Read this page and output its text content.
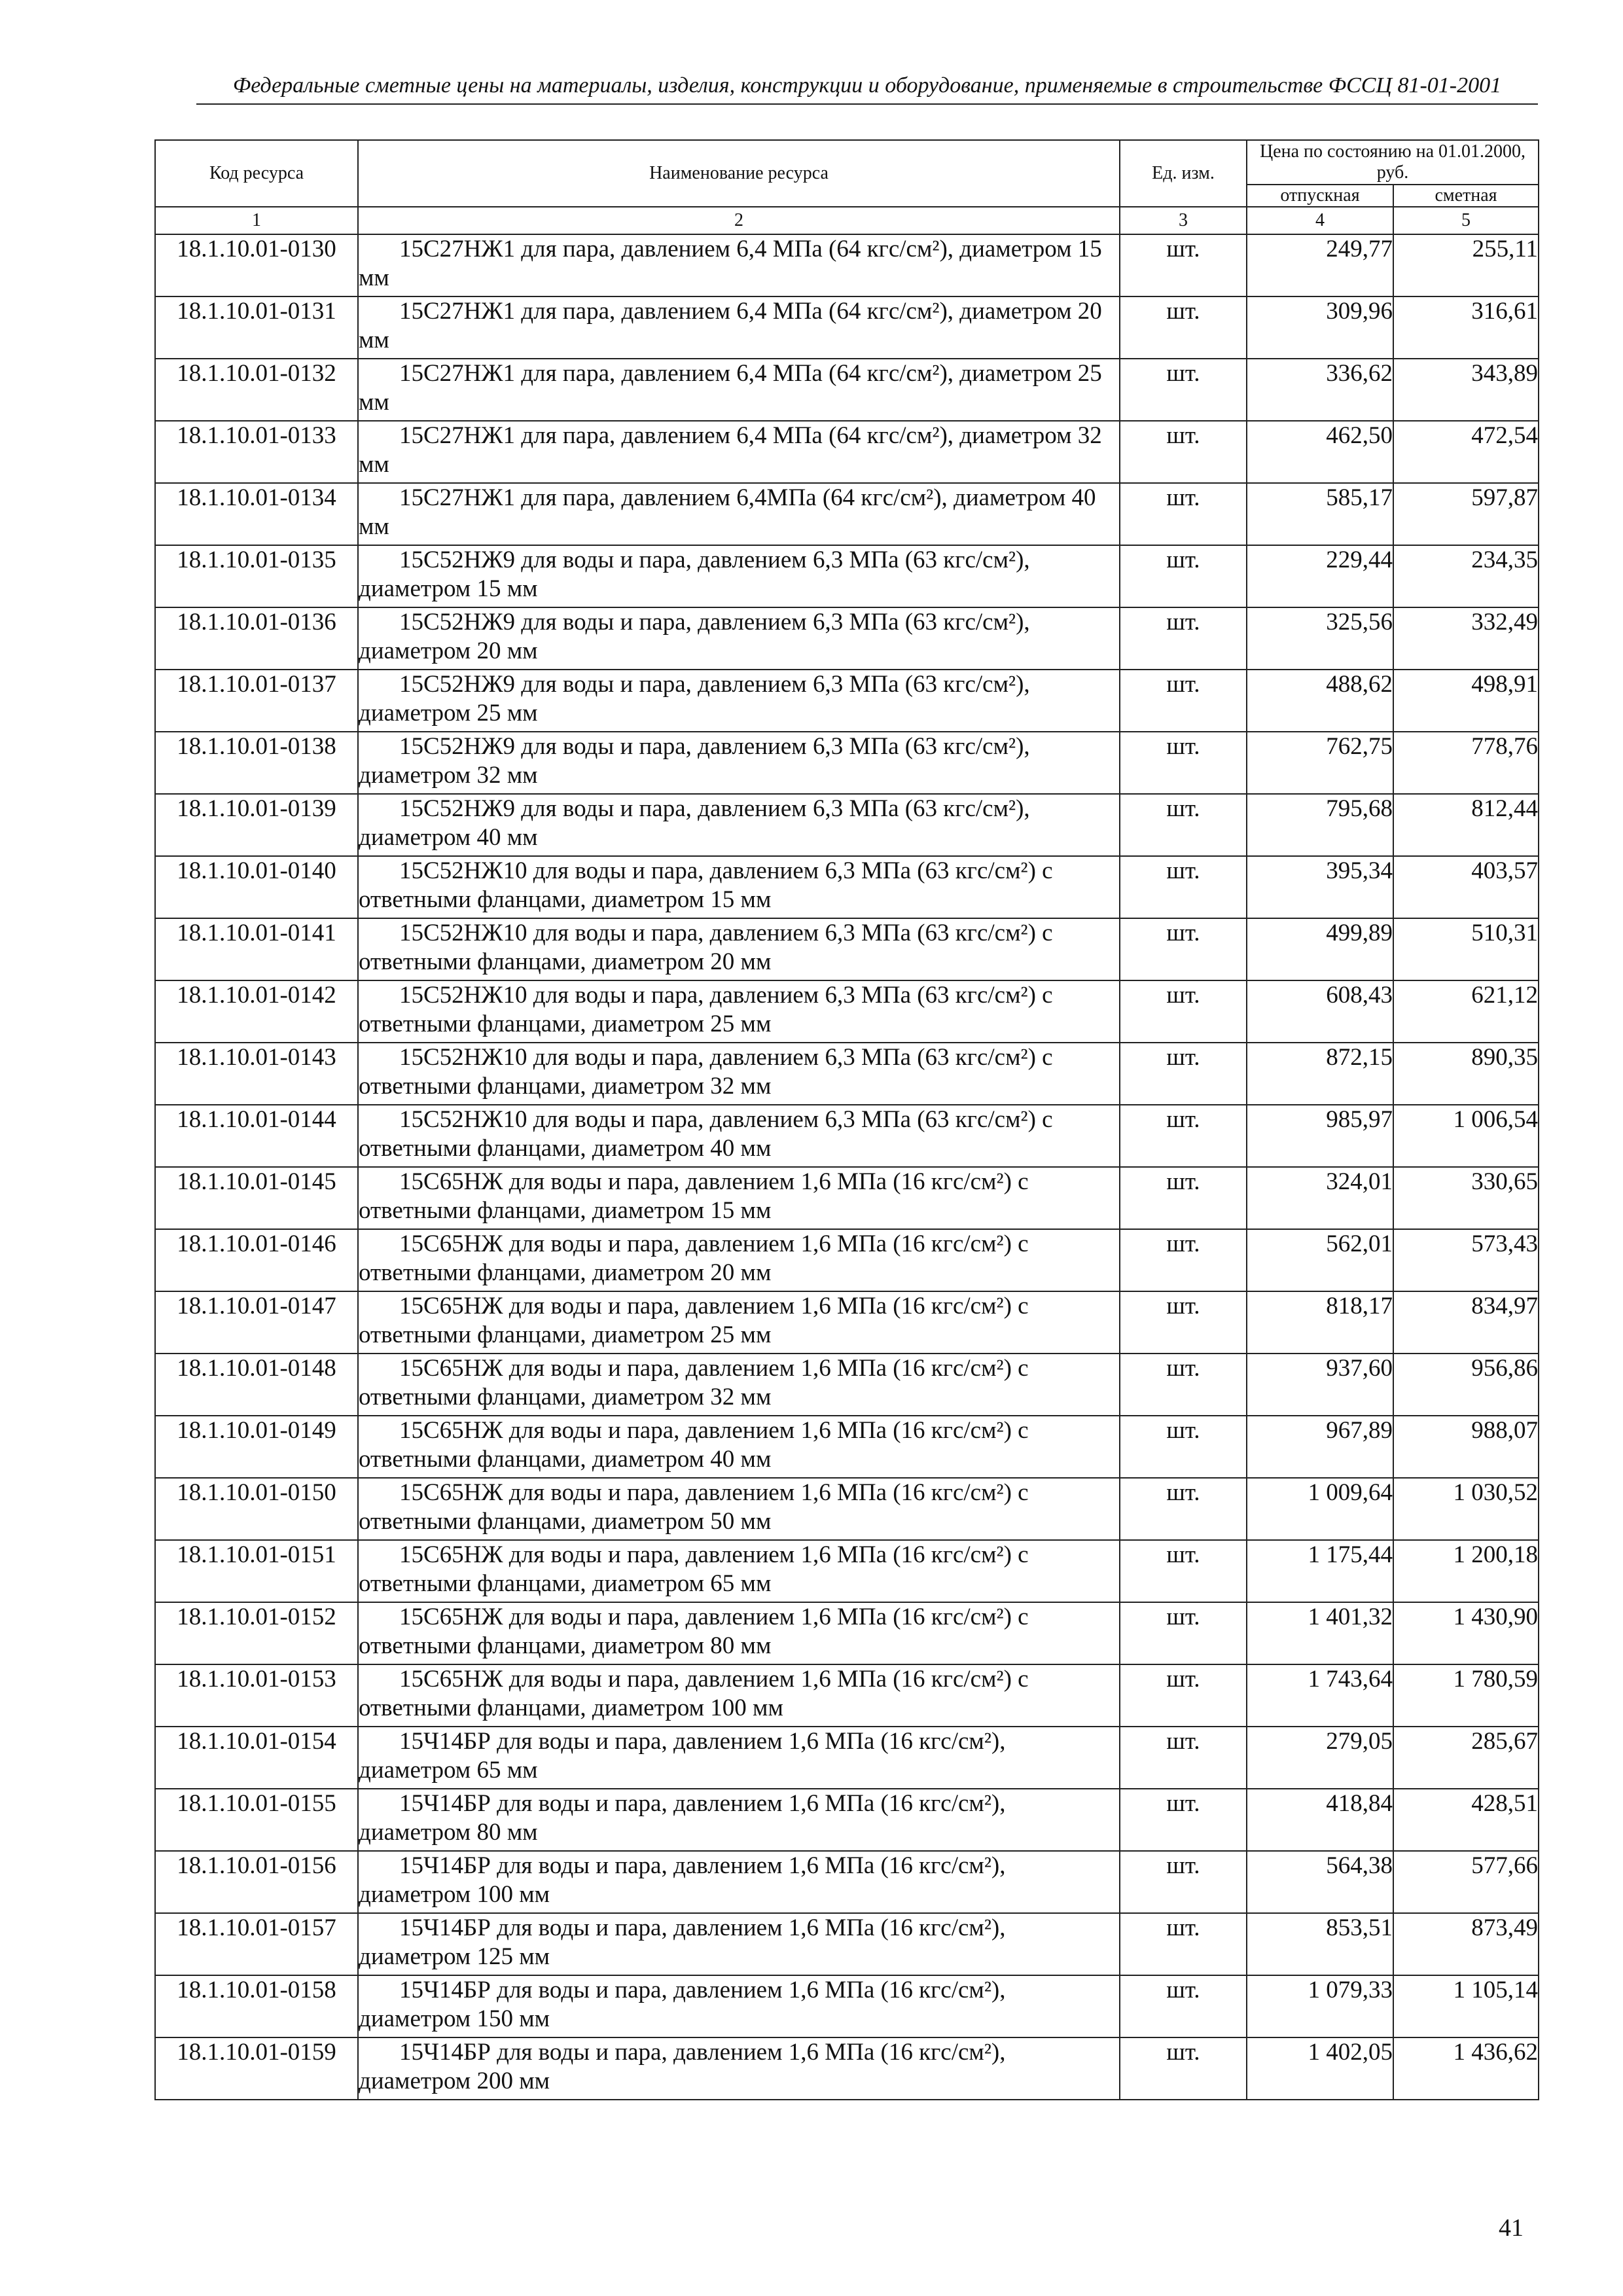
Федеральные сметные цены на материалы, изделия, конструкции и оборудование, применяемые в строительстве ФССЦ 81-01-2001
Код ресурса	Наименование ресурса	Ед. изм.	Цена по состоянию на 01.01.2000, руб.	
			отпускная	сметная
1	2	3	4	5
18.1.10.01-0130	15С27НЖ1 для пара, давлением 6,4 МПа (64 кгс/см²), диаметром 15 мм	шт.	249,77	255,11
18.1.10.01-0131	15С27НЖ1 для пара, давлением 6,4 МПа (64 кгс/см²), диаметром 20 мм	шт.	309,96	316,61
18.1.10.01-0132	15С27НЖ1 для пара, давлением 6,4 МПа (64 кгс/см²), диаметром 25 мм	шт.	336,62	343,89
18.1.10.01-0133	15С27НЖ1 для пара, давлением 6,4 МПа (64 кгс/см²), диаметром 32 мм	шт.	462,50	472,54
18.1.10.01-0134	15С27НЖ1 для пара, давлением 6,4МПа (64 кгс/см²), диаметром 40 мм	шт.	585,17	597,87
18.1.10.01-0135	15С52НЖ9 для воды и пара, давлением 6,3 МПа (63 кгс/см²), диаметром 15 мм	шт.	229,44	234,35
18.1.10.01-0136	15С52НЖ9 для воды и пара, давлением 6,3 МПа (63 кгс/см²), диаметром 20 мм	шт.	325,56	332,49
18.1.10.01-0137	15С52НЖ9 для воды и пара, давлением 6,3 МПа (63 кгс/см²), диаметром 25 мм	шт.	488,62	498,91
18.1.10.01-0138	15С52НЖ9 для воды и пара, давлением 6,3 МПа (63 кгс/см²), диаметром 32 мм	шт.	762,75	778,76
18.1.10.01-0139	15С52НЖ9 для воды и пара, давлением 6,3 МПа (63 кгс/см²), диаметром 40 мм	шт.	795,68	812,44
18.1.10.01-0140	15С52НЖ10 для воды и пара, давлением 6,3 МПа (63 кгс/см²) с ответными фланцами, диаметром 15 мм	шт.	395,34	403,57
18.1.10.01-0141	15С52НЖ10 для воды и пара, давлением 6,3 МПа (63 кгс/см²) с ответными фланцами, диаметром 20 мм	шт.	499,89	510,31
18.1.10.01-0142	15С52НЖ10 для воды и пара, давлением 6,3 МПа (63 кгс/см²) с ответными фланцами, диаметром 25 мм	шт.	608,43	621,12
18.1.10.01-0143	15С52НЖ10 для воды и пара, давлением 6,3 МПа (63 кгс/см²) с ответными фланцами, диаметром 32 мм	шт.	872,15	890,35
18.1.10.01-0144	15С52НЖ10 для воды и пара, давлением 6,3 МПа (63 кгс/см²) с ответными фланцами, диаметром 40 мм	шт.	985,97	1 006,54
18.1.10.01-0145	15С65НЖ для воды и пара, давлением 1,6 МПа (16 кгс/см²) с ответными фланцами, диаметром 15 мм	шт.	324,01	330,65
18.1.10.01-0146	15С65НЖ для воды и пара, давлением 1,6 МПа (16 кгс/см²) с ответными фланцами, диаметром 20 мм	шт.	562,01	573,43
18.1.10.01-0147	15С65НЖ для воды и пара, давлением 1,6 МПа (16 кгс/см²) с ответными фланцами, диаметром 25 мм	шт.	818,17	834,97
18.1.10.01-0148	15С65НЖ для воды и пара, давлением 1,6 МПа (16 кгс/см²) с ответными фланцами, диаметром 32 мм	шт.	937,60	956,86
18.1.10.01-0149	15С65НЖ для воды и пара, давлением 1,6 МПа (16 кгс/см²) с ответными фланцами, диаметром 40 мм	шт.	967,89	988,07
18.1.10.01-0150	15С65НЖ для воды и пара, давлением 1,6 МПа (16 кгс/см²) с ответными фланцами, диаметром 50 мм	шт.	1 009,64	1 030,52
18.1.10.01-0151	15С65НЖ для воды и пара, давлением 1,6 МПа (16 кгс/см²) с ответными фланцами, диаметром 65 мм	шт.	1 175,44	1 200,18
18.1.10.01-0152	15С65НЖ для воды и пара, давлением 1,6 МПа (16 кгс/см²) с ответными фланцами, диаметром 80 мм	шт.	1 401,32	1 430,90
18.1.10.01-0153	15С65НЖ для воды и пара, давлением 1,6 МПа (16 кгс/см²) с ответными фланцами, диаметром 100 мм	шт.	1 743,64	1 780,59
18.1.10.01-0154	15Ч14БР для воды и пара, давлением 1,6 МПа (16 кгс/см²), диаметром 65 мм	шт.	279,05	285,67
18.1.10.01-0155	15Ч14БР для воды и пара, давлением 1,6 МПа (16 кгс/см²), диаметром 80 мм	шт.	418,84	428,51
18.1.10.01-0156	15Ч14БР для воды и пара, давлением 1,6 МПа (16 кгс/см²), диаметром 100 мм	шт.	564,38	577,66
18.1.10.01-0157	15Ч14БР для воды и пара, давлением 1,6 МПа (16 кгс/см²), диаметром 125 мм	шт.	853,51	873,49
18.1.10.01-0158	15Ч14БР для воды и пара, давлением 1,6 МПа (16 кгс/см²), диаметром 150 мм	шт.	1 079,33	1 105,14
18.1.10.01-0159	15Ч14БР для воды и пара, давлением 1,6 МПа (16 кгс/см²), диаметром 200 мм	шт.	1 402,05	1 436,62
41
